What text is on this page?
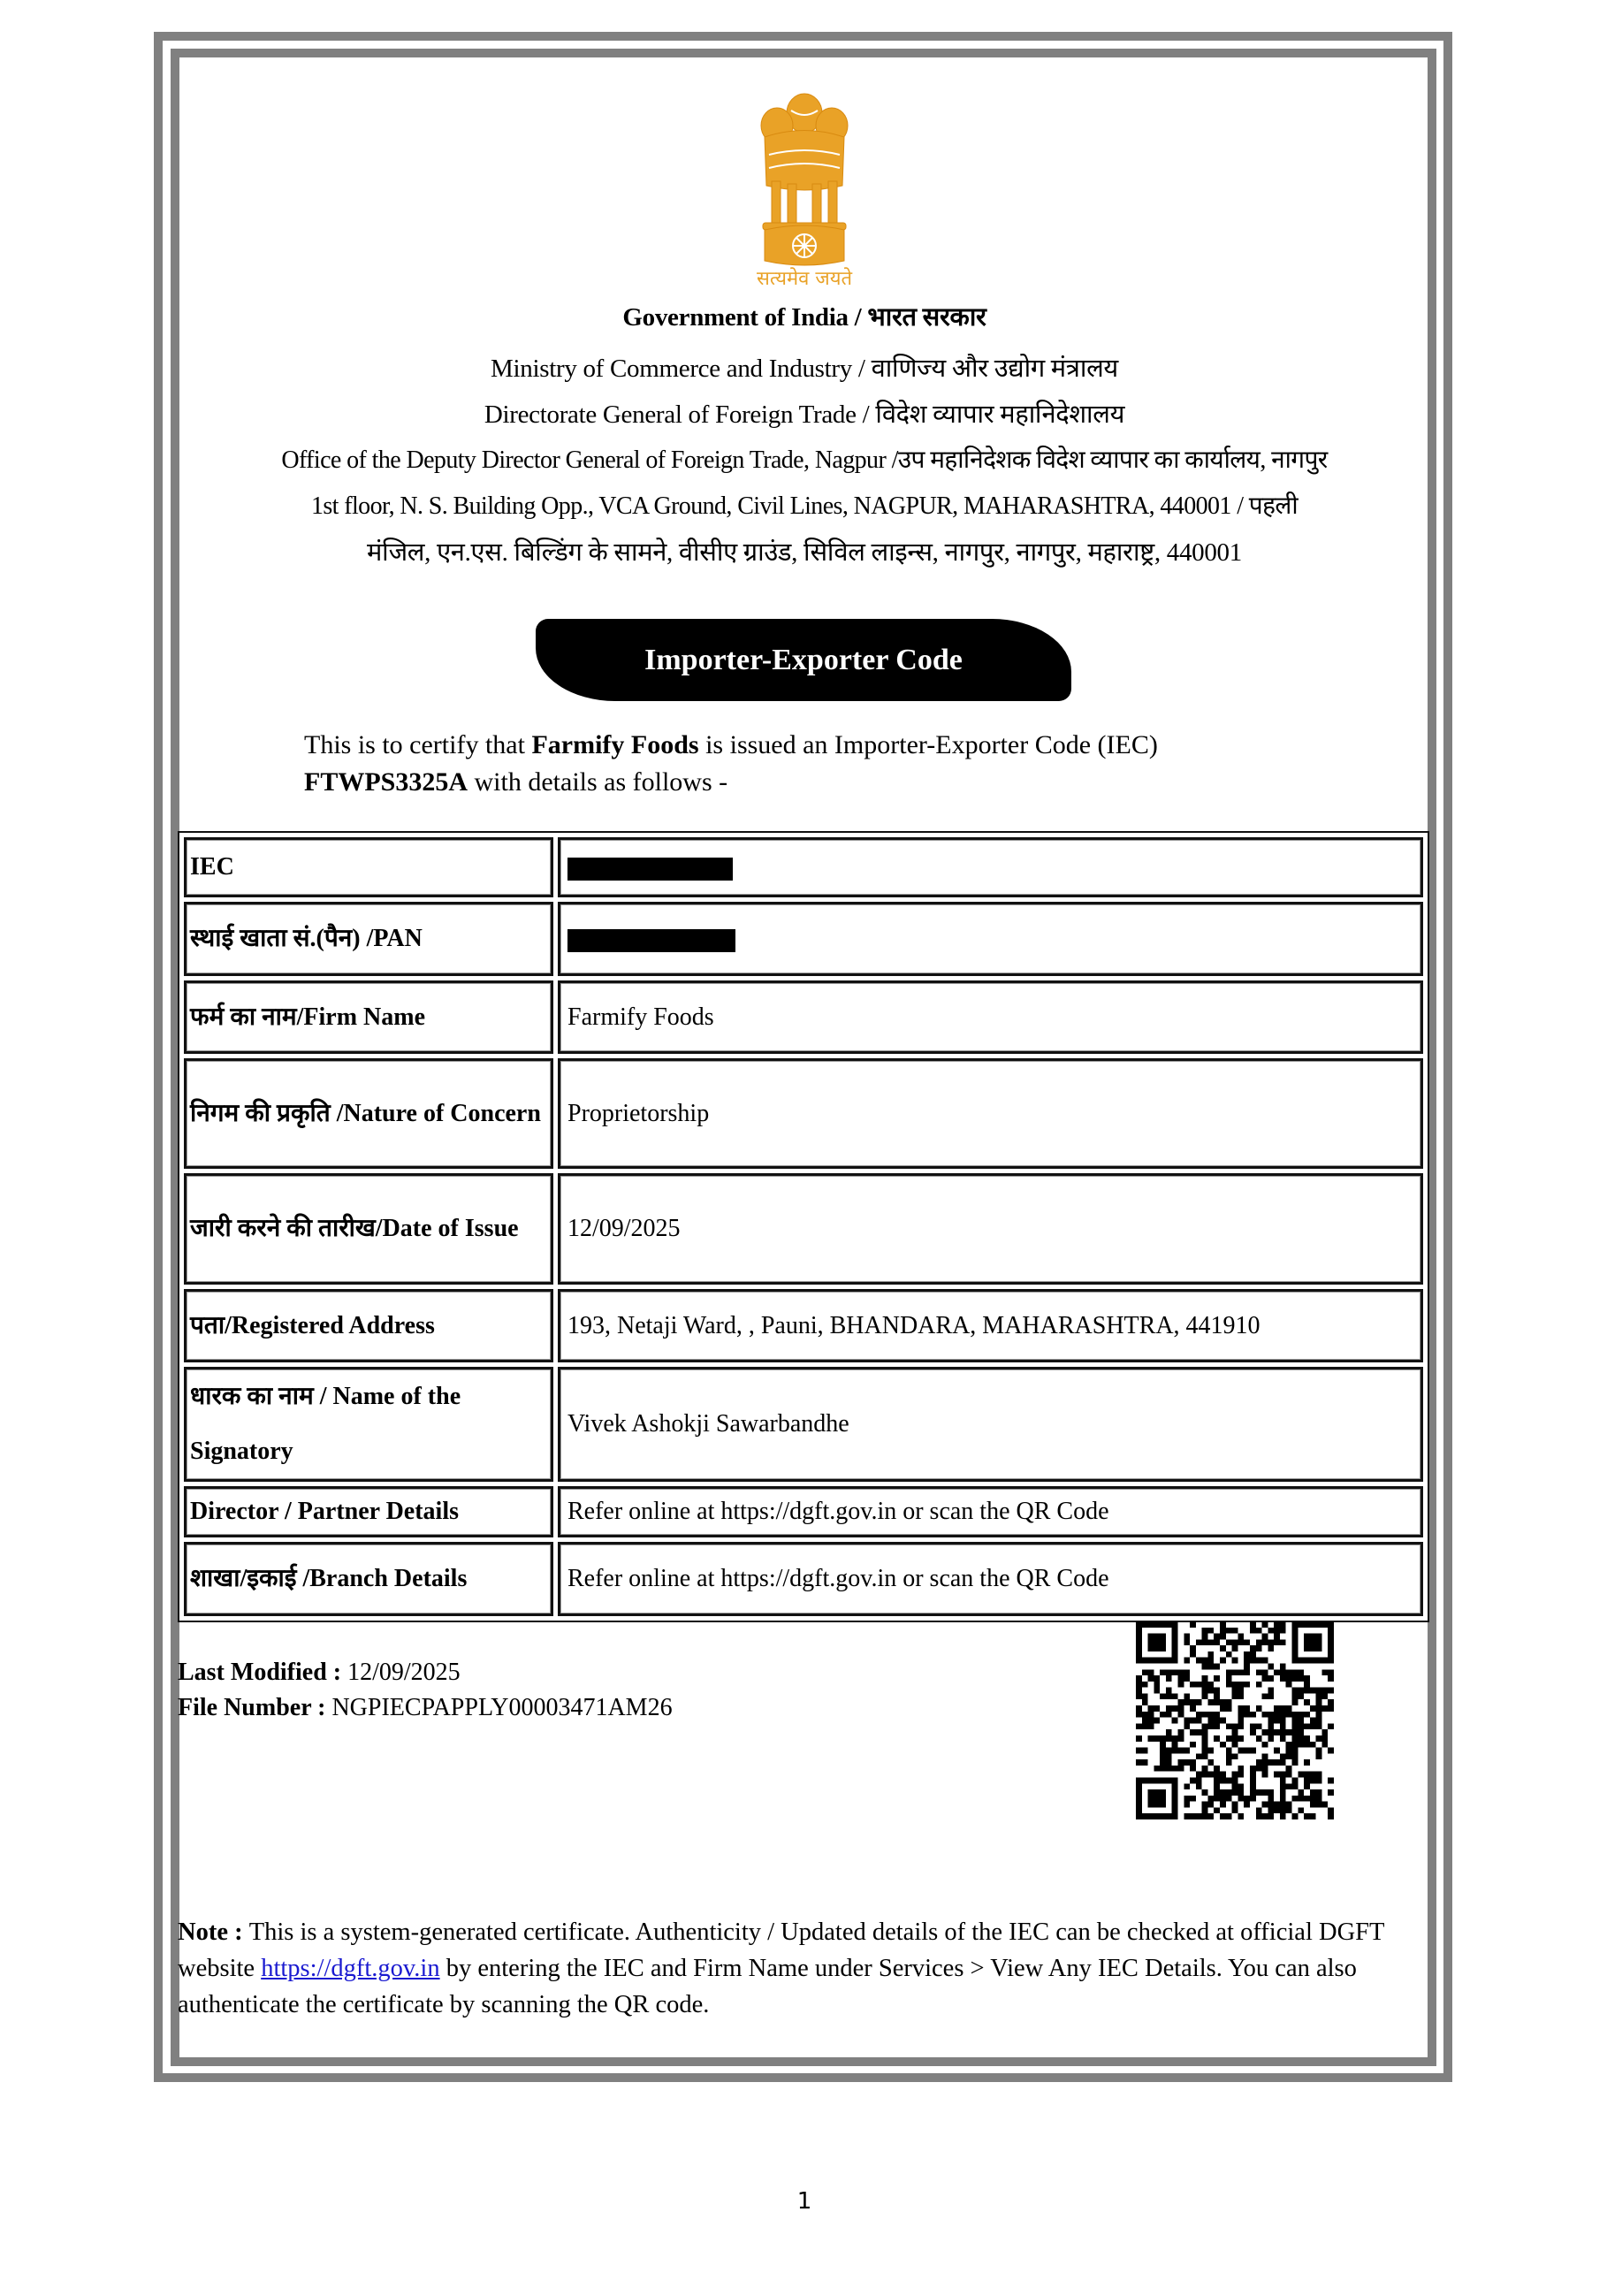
सत्यमेव जयते
Government of India / भारत सरकार
Ministry of Commerce and Industry / वाणिज्य और उद्योग मंत्रालय
Directorate General of Foreign Trade / विदेश व्यापार महानिदेशालय
Office of the Deputy Director General of Foreign Trade, Nagpur /उप महानिदेशक विदेश व्यापार का कार्यालय, नागपुर
1st floor, N. S. Building Opp., VCA Ground, Civil Lines, NAGPUR, MAHARASHTRA, 440001 / पहली
मंजिल, एन.एस. बिल्डिंग के सामने, वीसीए ग्राउंड, सिविल लाइन्स, नागपुर, नागपुर, महाराष्ट्र, 440001
Importer-Exporter Code
This is to certify that Farmify Foods is issued an Importer-Exporter Code (IEC)
FTWPS3325A with details as follows -
IEC	
स्थाई खाता सं.(पैन) /PAN	
फर्म का नाम/Firm Name	Farmify Foods
निगम की प्रकृति /Nature of Concern	Proprietorship
जारी करने की तारीख/Date of Issue	12/09/2025
पता/Registered Address	193, Netaji Ward, , Pauni, BHANDARA, MAHARASHTRA, 441910
धारक का नाम / Name of the Signatory	Vivek Ashokji Sawarbandhe
Director / Partner Details	Refer online at https://dgft.gov.in or scan the QR Code
शाखा/इकाई /Branch Details	Refer online at https://dgft.gov.in or scan the QR Code
Last Modified : 12/09/2025
File Number : NGPIECPAPPLY00003471AM26
Note : This is a system-generated certificate. Authenticity / Updated details of the IEC can be checked at official DGFT website https://dgft.gov.in by entering the IEC and Firm Name under Services > View Any IEC Details. You can also authenticate the certificate by scanning the QR code.
1
